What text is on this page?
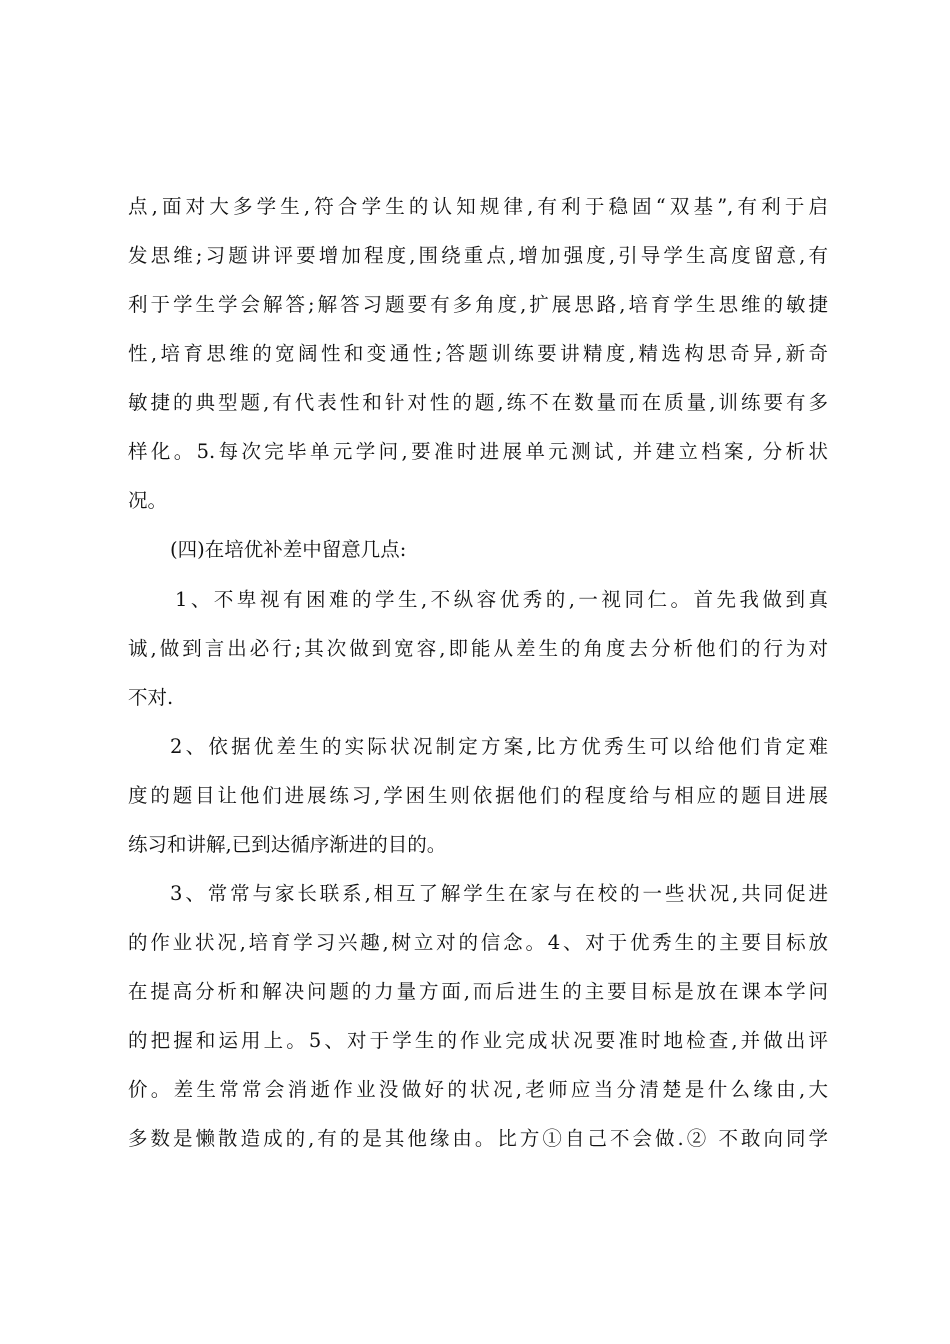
点,面对大多学生,符合学生的认知规律,有利于稳固“双基”,有利于启
发思维;习题讲评要增加程度,围绕重点,增加强度,引导学生高度留意,有
利于学生学会解答;解答习题要有多角度,扩展思路,培育学生思维的敏捷
性,培育思维的宽阔性和变通性;答题训练要讲精度,精选构思奇异,新奇
敏捷的典型题,有代表性和针对性的题,练不在数量而在质量,训练要有多
样化。5.每次完毕单元学问,要准时进展单元测试, 并建立档案, 分析状
况。
(四)在培优补差中留意几点:
1、不卑视有困难的学生,不纵容优秀的,一视同仁。首先我做到真
诚,做到言出必行;其次做到宽容,即能从差生的角度去分析他们的行为对
不对.
2、依据优差生的实际状况制定方案,比方优秀生可以给他们肯定难
度的题目让他们进展练习,学困生则依据他们的程度给与相应的题目进展
练习和讲解,已到达循序渐进的目的。
3、常常与家长联系,相互了解学生在家与在校的一些状况,共同促进
的作业状况,培育学习兴趣,树立对的信念。4、对于优秀生的主要目标放
在提高分析和解决问题的力量方面,而后进生的主要目标是放在课本学问
的把握和运用上。5、对于学生的作业完成状况要准时地检查,并做出评
价。差生常常会消逝作业没做好的状况,老师应当分清楚是什么缘由,大
多数是懒散造成的,有的是其他缘由。比方①自己不会做.② 不敢向同学
